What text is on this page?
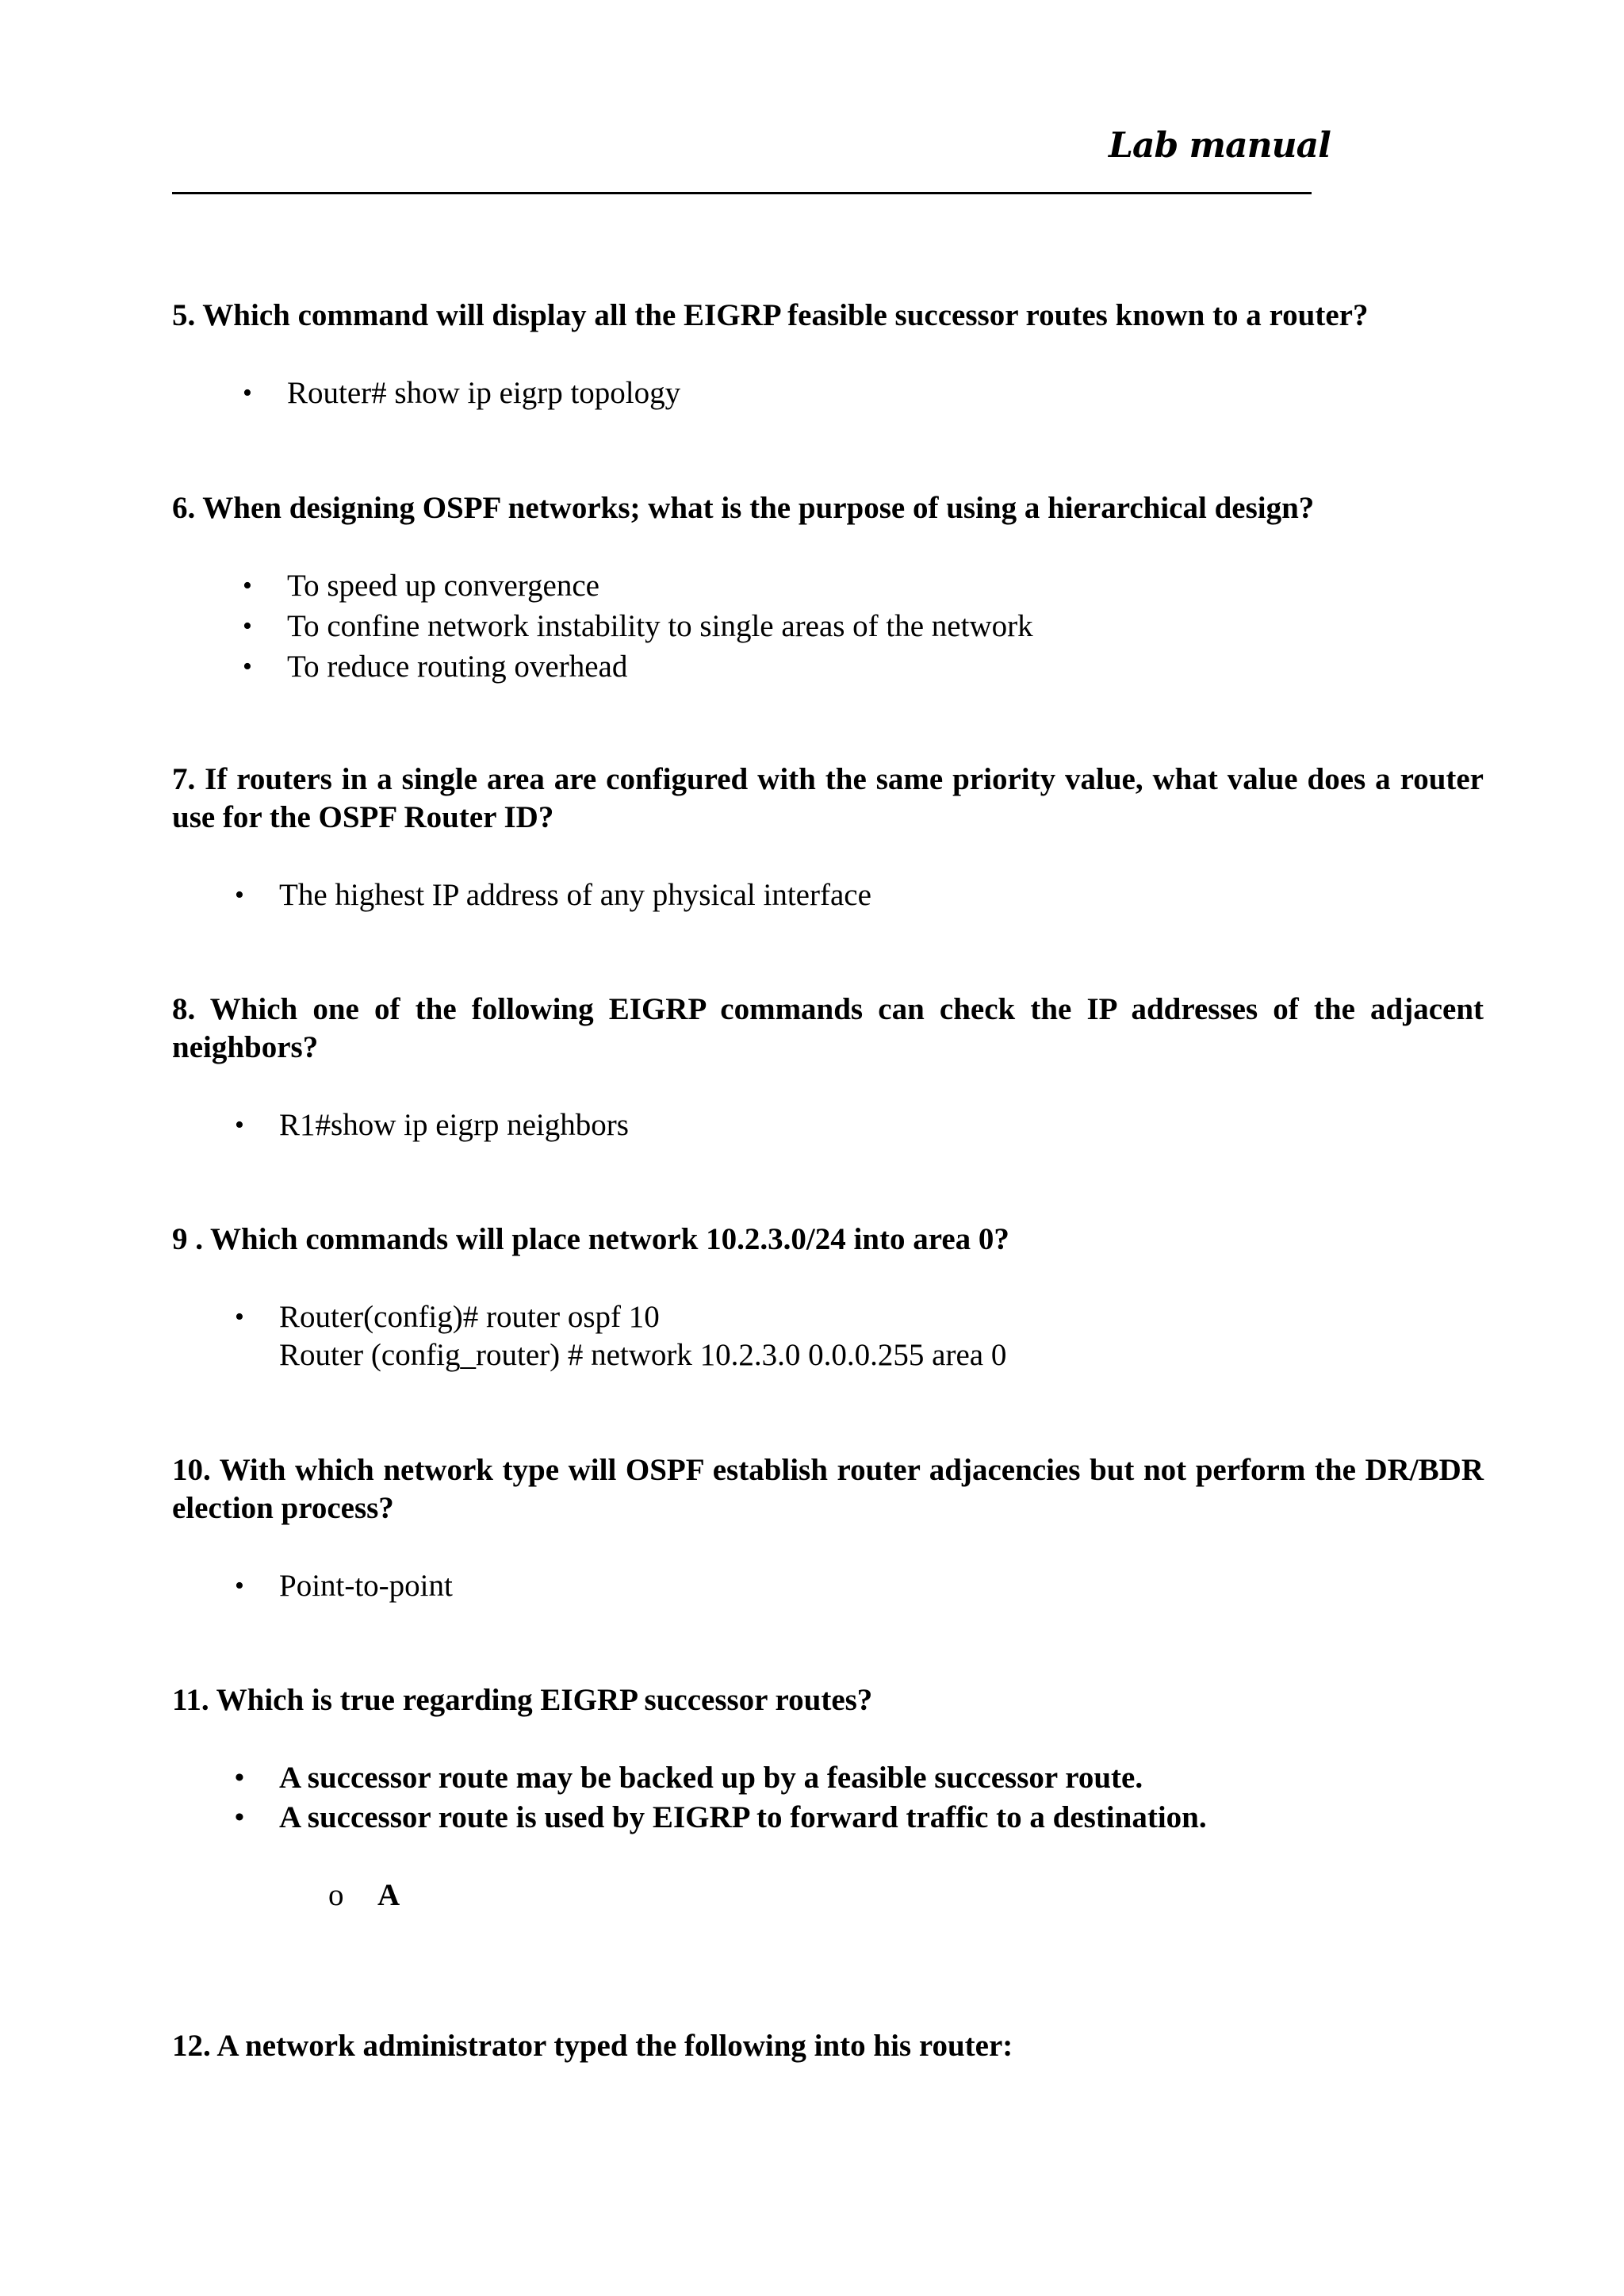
Lab manual

5. Which command will display all the EIGRP feasible successor routes known to a router?

• Router# show ip eigrp topology

6. When designing OSPF networks; what is the purpose of using a hierarchical design?

• To speed up convergence
• To confine network instability to single areas of the network
• To reduce routing overhead

7. If routers in a single area are configured with the same priority value, what value does a router use for the OSPF Router ID?

• The highest IP address of any physical interface

8. Which one of the following EIGRP commands can check the IP addresses of the adjacent neighbors?

• R1#show ip eigrp neighbors

9 . Which commands will place network 10.2.3.0/24 into area 0?

• Router(config)# router ospf 10
Router (config_router) # network 10.2.3.0 0.0.0.255 area 0

10. With which network type will OSPF establish router adjacencies but not perform the DR/BDR election process?

• Point-to-point

11. Which is true regarding EIGRP successor routes?

• A successor route may be backed up by a feasible successor route.
• A successor route is used by EIGRP to forward traffic to a destination.
o A

12. A network administrator typed the following into his router:
